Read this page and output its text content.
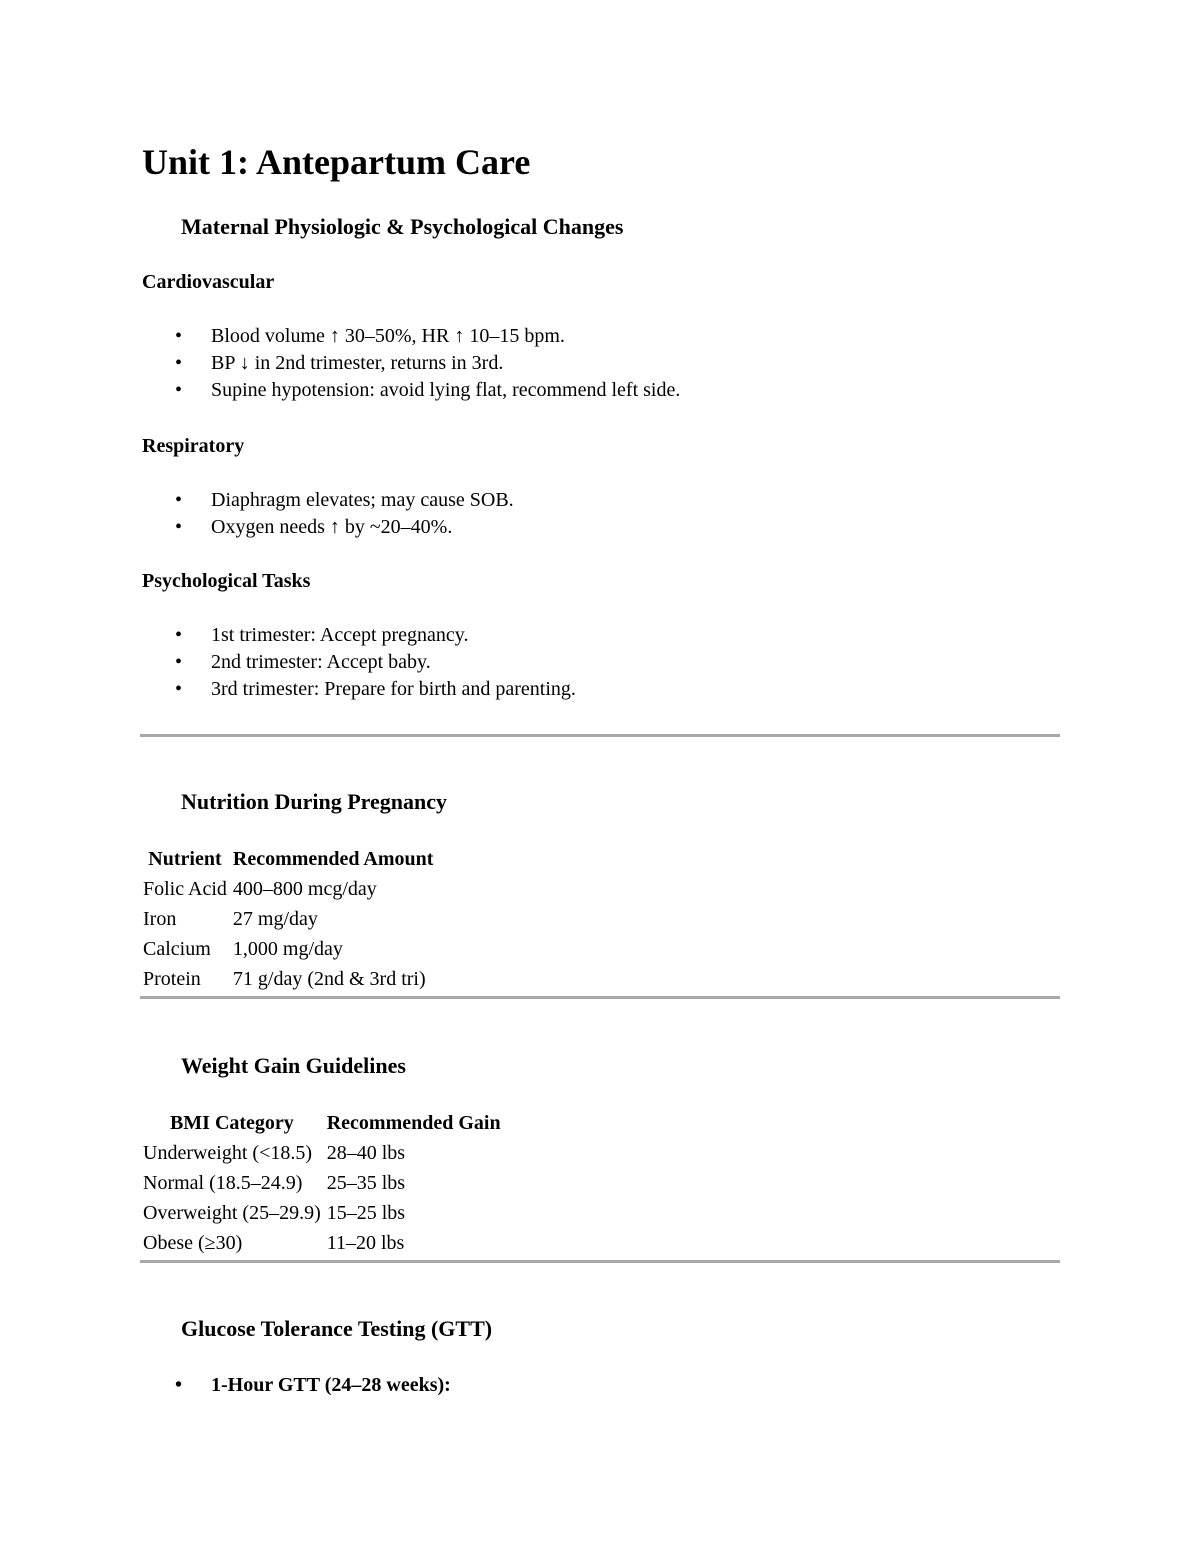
Unit 1: Antepartum Care
Maternal Physiologic & Psychological Changes
Cardiovascular
• Blood volume ↑ 30–50%, HR ↑ 10–15 bpm.
• BP ↓ in 2nd trimester, returns in 3rd.
• Supine hypotension: avoid lying flat, recommend left side.
Respiratory
• Diaphragm elevates; may cause SOB.
• Oxygen needs ↑ by ~20–40%.
Psychological Tasks
• 1st trimester: Accept pregnancy.
• 2nd trimester: Accept baby.
• 3rd trimester: Prepare for birth and parenting.
Nutrition During Pregnancy
Nutrient	Recommended Amount
Folic Acid	400–800 mcg/day
Iron	27 mg/day
Calcium	1,000 mg/day
Protein	71 g/day (2nd & 3rd tri)
Weight Gain Guidelines
BMI Category	Recommended Gain
Underweight (<18.5)	28–40 lbs
Normal (18.5–24.9)	25–35 lbs
Overweight (25–29.9)	15–25 lbs
Obese (≥30)	11–20 lbs
Glucose Tolerance Testing (GTT)
• 1-Hour GTT (24–28 weeks):
